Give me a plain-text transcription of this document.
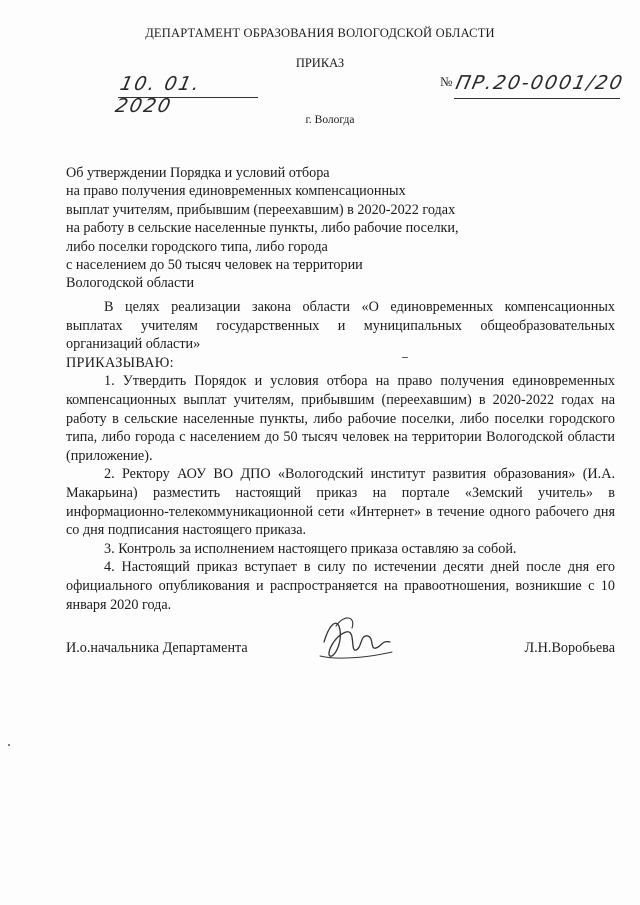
ДЕПАРТАМЕНТ ОБРАЗОВАНИЯ ВОЛОГОДСКОЙ ОБЛАСТИ
ПРИКАЗ
10. 01. 2020
№ ПР.20-0001/20
г. Вологда
Об утверждении Порядка и условий отбора
на право получения единовременных компенсационных
выплат учителям, прибывшим (переехавшим) в 2020-2022 годах
на работу в сельские населенные пункты, либо рабочие поселки,
либо поселки городского типа, либо города
с населением до 50 тысяч человек на территории
Вологодской области

В целях реализации закона области «О единовременных компенсационных выплатах учителям государственных и муниципальных общеобразовательных организаций области»

ПРИКАЗЫВАЮ:

1. Утвердить Порядок и условия отбора на право получения единовременных компенсационных выплат учителям, прибывшим (переехавшим) в 2020-2022 годах на работу в сельские населенные пункты, либо рабочие поселки, либо поселки городского типа, либо города с населением до 50 тысяч человек на территории Вологодской области (приложение).

2. Ректору АОУ ВО ДПО «Вологодский институт развития образования» (И.А. Макарьина) разместить настоящий приказ на портале «Земский учитель» в информационно-телекоммуникационной сети «Интернет» в течение одного рабочего дня со дня подписания настоящего приказа.

3. Контроль за исполнением настоящего приказа оставляю за собой.

4. Настоящий приказ вступает в силу по истечении десяти дней после дня его официального опубликования и распространяется на правоотношения, возникшие с 10 января 2020 года.

И.о.начальника Департамента	Л.Н.Воробьева
